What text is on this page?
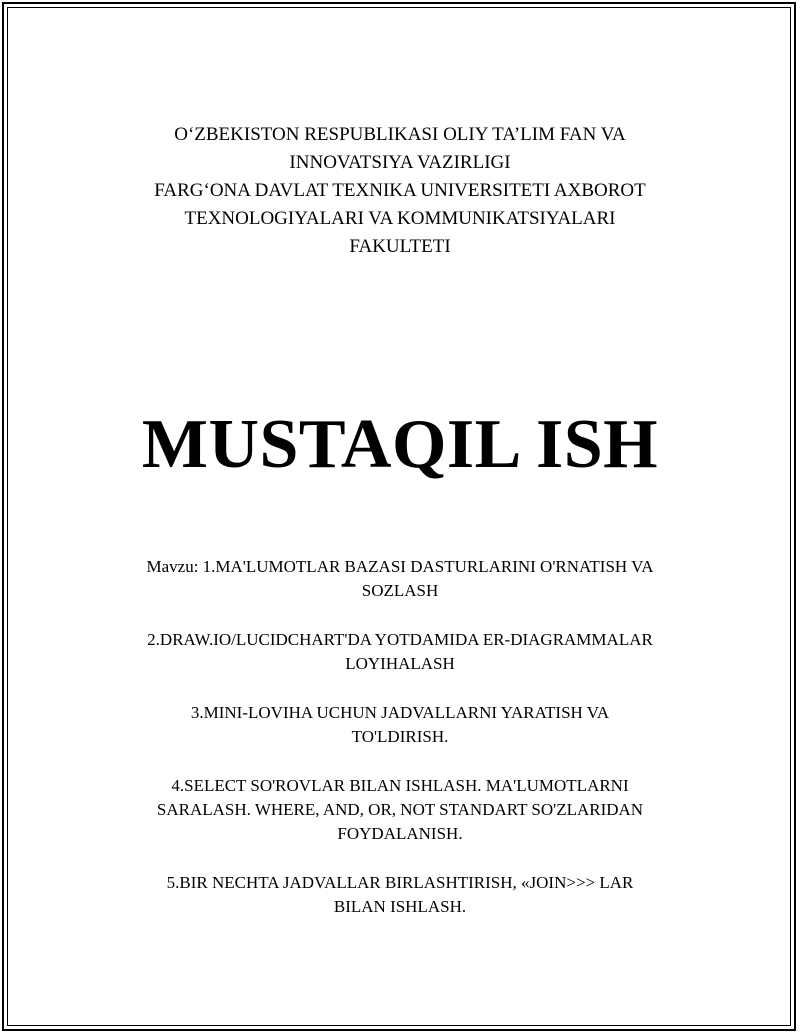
O‘ZBEKISTON RESPUBLIKASI OLIY TA’LIM FAN VA
INNOVATSIYA VAZIRLIGI
FARG‘ONA DAVLAT TEXNIKA UNIVERSITETI AXBOROT
TEXNOLOGIYALARI VA KOMMUNIKATSIYALARI
FAKULTETI
MUSTAQIL ISH
Mavzu: 1.MA'LUMOTLAR BAZASI DASTURLARINI O'RNATISH VA
SOZLASH
2.DRAW.IO/LUCIDCHART'DA YOTDAMIDA ER-DIAGRAMMALAR
LOYIHALASH
3.MINI-LOVIHA UCHUN JADVALLARNI YARATISH VA
TO'LDIRISH.
4.SELECT SO'ROVLAR BILAN ISHLASH. MA'LUMOTLARNI
SARALASH. WHERE, AND, OR, NOT STANDART SO'ZLARIDAN
FOYDALANISH.
5.BIR NECHTA JADVALLAR BIRLASHTIRISH, «JOIN>>> LAR
BILAN ISHLASH.
